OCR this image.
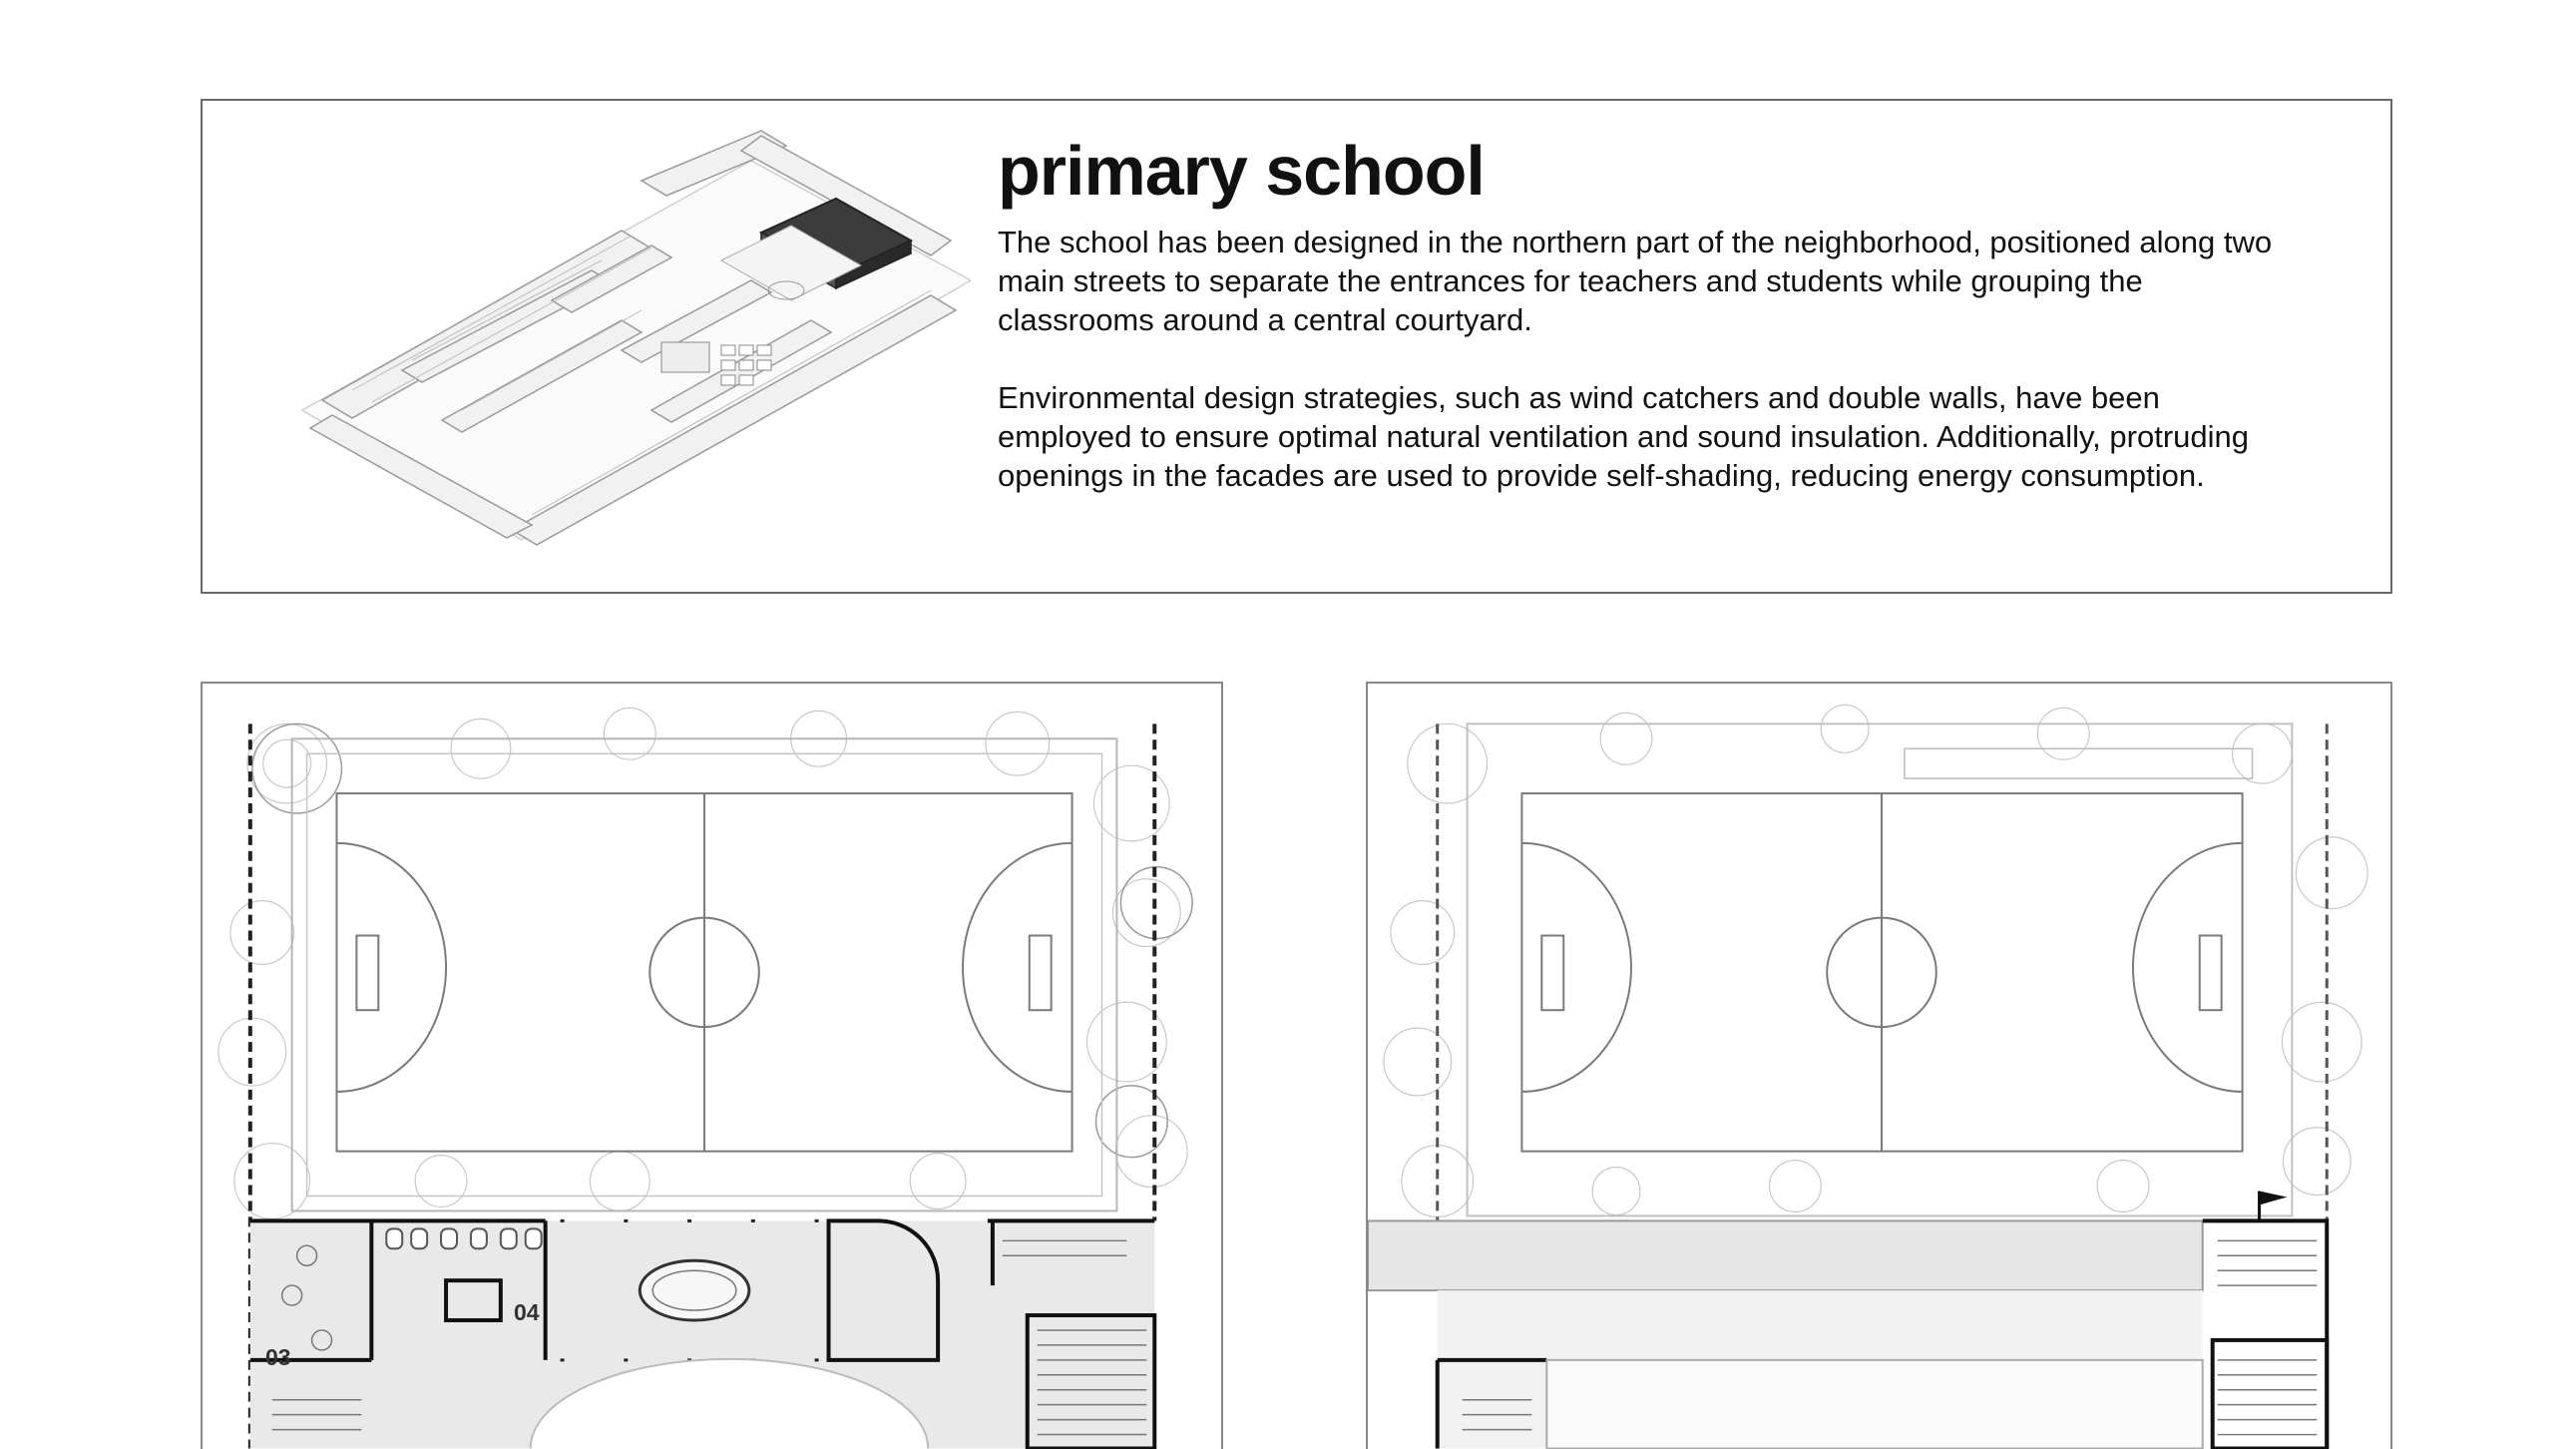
primary school

The school has been designed in the northern part of the neighborhood, positioned along two main streets to separate the entrances for teachers and students while grouping the classrooms around a central courtyard.

Environmental design strategies, such as wind catchers and double walls, have been employed to ensure optimal natural ventilation and sound insulation. Additionally, protruding openings in the facades are used to provide self-shading, reducing energy consumption.

03
04
